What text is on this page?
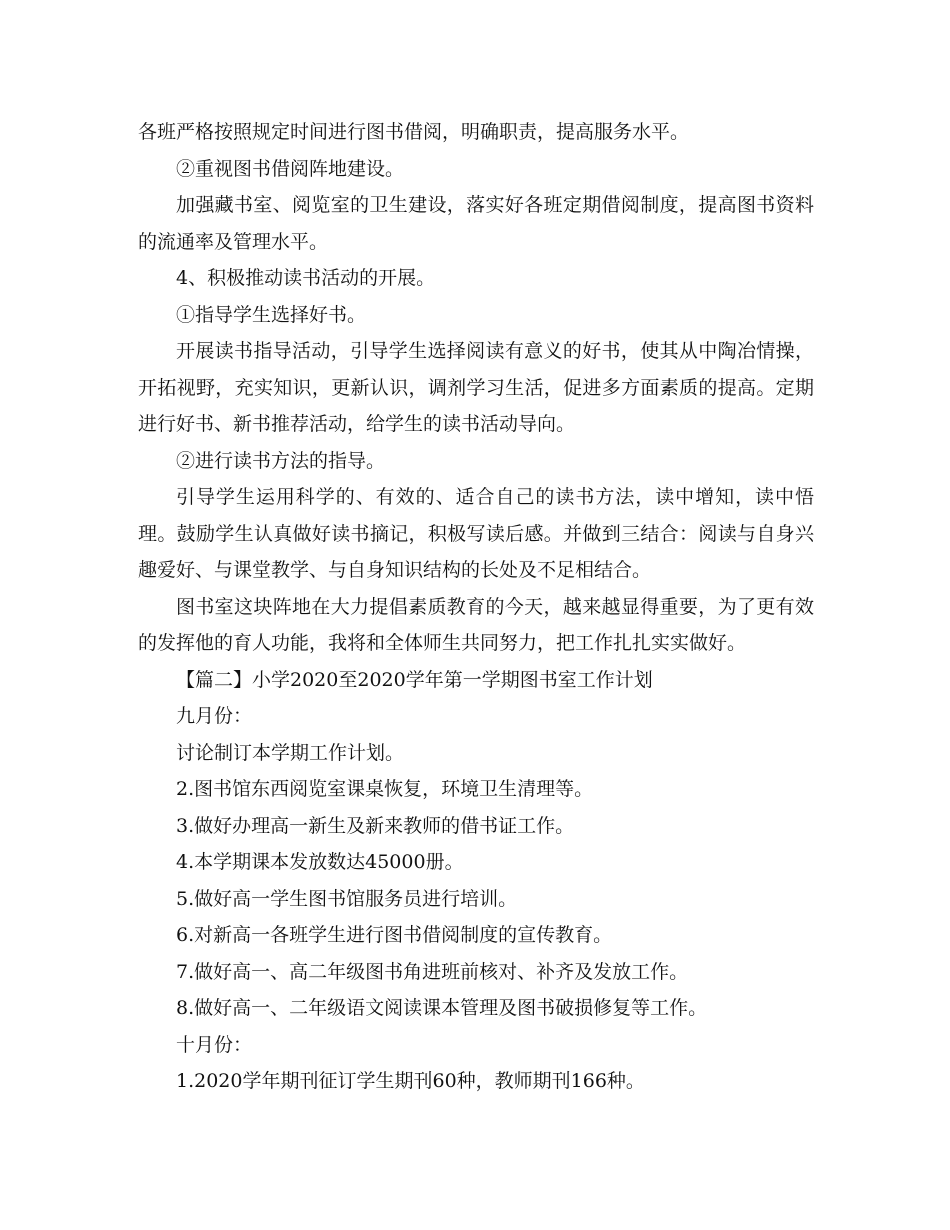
各班严格按照规定时间进行图书借阅，明确职责，提高服务水平。

②重视图书借阅阵地建设。

加强藏书室、阅览室的卫生建设，落实好各班定期借阅制度，提高图书资料的流通率及管理水平。

4、积极推动读书活动的开展。

①指导学生选择好书。

开展读书指导活动，引导学生选择阅读有意义的好书，使其从中陶冶情操，开拓视野，充实知识，更新认识，调剂学习生活，促进多方面素质的提高。定期进行好书、新书推荐活动，给学生的读书活动导向。

②进行读书方法的指导。

引导学生运用科学的、有效的、适合自己的读书方法，读中增知，读中悟理。鼓励学生认真做好读书摘记，积极写读后感。并做到三结合：阅读与自身兴趣爱好、与课堂教学、与自身知识结构的长处及不足相结合。

图书室这块阵地在大力提倡素质教育的今天，越来越显得重要，为了更有效的发挥他的育人功能，我将和全体师生共同努力，把工作扎扎实实做好。

【篇二】小学2020至2020学年第一学期图书室工作计划

九月份：

讨论制订本学期工作计划。

2.图书馆东西阅览室课桌恢复，环境卫生清理等。

3.做好办理高一新生及新来教师的借书证工作。

4.本学期课本发放数达45000册。

5.做好高一学生图书馆服务员进行培训。

6.对新高一各班学生进行图书借阅制度的宣传教育。

7.做好高一、高二年级图书角进班前核对、补齐及发放工作。

8.做好高一、二年级语文阅读课本管理及图书破损修复等工作。

十月份：

1.2020学年期刊征订学生期刊60种，教师期刊166种。
